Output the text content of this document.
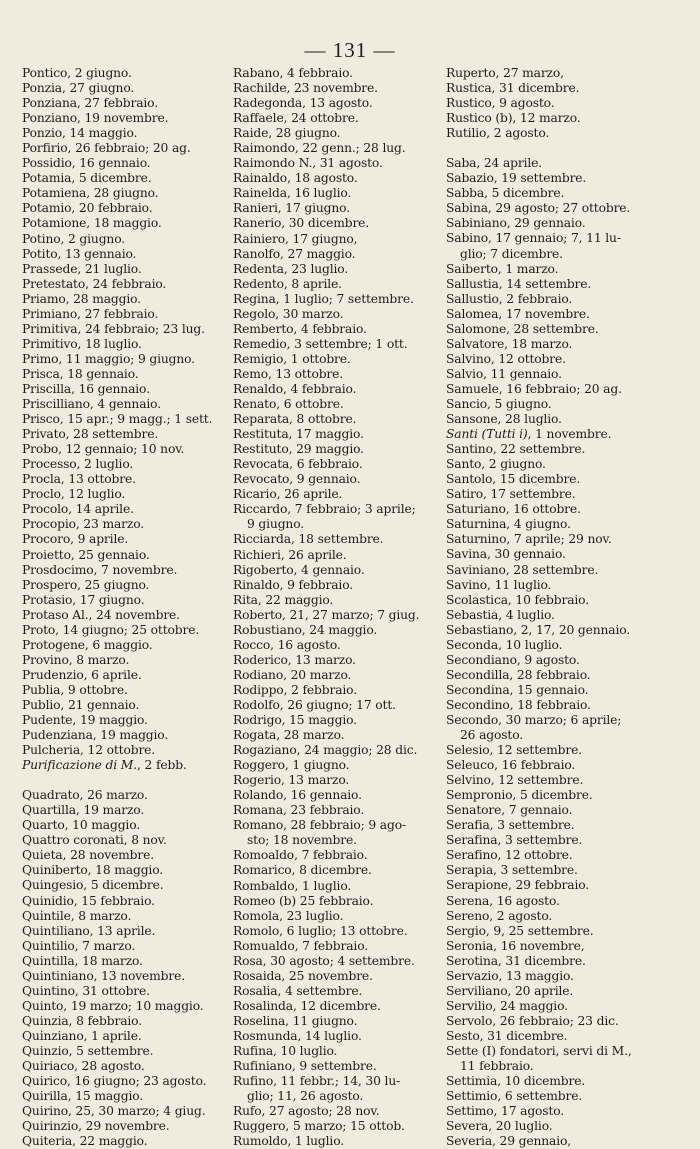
— 131 —
Pontico, 2 giugno.
Ponzia, 27 giugno.
Ponziana, 27 febbraio.
Ponziano, 19 novembre.
Ponzio, 14 maggio.
Porfirio, 26 febbraio; 20 ag.
Possidio, 16 gennaio.
Potamia, 5 dicembre.
Potamiena, 28 giugno.
Potamio, 20 febbraio.
Potamione, 18 maggio.
Potino, 2 giugno.
Potito, 13 gennaio.
Prassede, 21 luglio.
Pretestato, 24 febbraio.
Priamo, 28 maggio.
Primiano, 27 febbraio.
Primitiva, 24 febbraio; 23 lug.
Primitivo, 18 luglio.
Primo, 11 maggio; 9 giugno.
Prisca, 18 gennaio.
Priscilla, 16 gennaio.
Priscilliano, 4 gennaio.
Prisco, 15 apr.; 9 magg.; 1 sett.
Privato, 28 settembre.
Probo, 12 gennaio; 10 nov.
Processo, 2 luglio.
Procla, 13 ottobre.
Proclo, 12 luglio.
Procolo, 14 aprile.
Procopio, 23 marzo.
Procoro, 9 aprile.
Proietto, 25 gennaio.
Prosdocimo, 7 novembre.
Prospero, 25 giugno.
Protasio, 17 giugno.
Protaso Al., 24 novembre.
Proto, 14 giugno; 25 ottobre.
Protogene, 6 maggio.
Provino, 8 marzo.
Prudenzio, 6 aprile.
Publia, 9 ottobre.
Publio, 21 gennaio.
Pudente, 19 maggio.
Pudenziana, 19 maggio.
Pulcheria, 12 ottobre.
Purificazione di M., 2 febb.
Quadrato, 26 marzo.
Quartilla, 19 marzo.
Quarto, 10 maggio.
Quattro coronati, 8 nov.
Quieta, 28 novembre.
Quiniberto, 18 maggio.
Quingesio, 5 dicembre.
Quinidio, 15 febbraio.
Quintile, 8 marzo.
Quintiliano, 13 aprile.
Quintilio, 7 marzo.
Quintilla, 18 marzo.
Quintiniano, 13 novembre.
Quintino, 31 ottobre.
Quinto, 19 marzo; 10 maggio.
Quinzia, 8 febbraio.
Quinziano, 1 aprile.
Quinzio, 5 settembre.
Quiriaco, 28 agosto.
Quirico, 16 giugno; 23 agosto.
Quirilla, 15 maggio.
Quirino, 25, 30 marzo; 4 giug.
Quirinzio, 29 novembre.
Quiteria, 22 maggio.
Rabano, 4 febbraio.
Rachilde, 23 novembre.
Radegonda, 13 agosto.
Raffaele, 24 ottobre.
Raide, 28 giugno.
Raimondo, 22 genn.; 28 lug.
Raimondo N., 31 agosto.
Rainaldo, 18 agosto.
Rainelda, 16 luglio.
Ranieri, 17 giugno.
Ranerio, 30 dicembre.
Rainiero, 17 giugno,
Ranolfo, 27 maggio.
Redenta, 23 luglio.
Redento, 8 aprile.
Regina, 1 luglio; 7 settembre.
Regolo, 30 marzo.
Remberto, 4 febbraio.
Remedio, 3 settembre; 1 ott.
Remigio, 1 ottobre.
Remo, 13 ottobre.
Renaldo, 4 febbraio.
Renato, 6 ottobre.
Reparata, 8 ottobre.
Restituta, 17 maggio.
Restituto, 29 maggio.
Revocata, 6 febbraio.
Revocato, 9 gennaio.
Ricario, 26 aprile.
Riccardo, 7 febbraio; 3 aprile;
9 giugno.
Ricciarda, 18 settembre.
Richieri, 26 aprile.
Rigoberto, 4 gennaio.
Rinaldo, 9 febbraio.
Rita, 22 maggio.
Roberto, 21, 27 marzo; 7 giug.
Robustiano, 24 maggio.
Rocco, 16 agosto.
Roderico, 13 marzo.
Rodiano, 20 marzo.
Rodippo, 2 febbraio.
Rodolfo, 26 giugno; 17 ott.
Rodrigo, 15 maggio.
Rogata, 28 marzo.
Rogaziano, 24 maggio; 28 dic.
Roggero, 1 giugno.
Rogerio, 13 marzo.
Rolando, 16 gennaio.
Romana, 23 febbraio.
Romano, 28 febbraio; 9 ago-
sto; 18 novembre.
Romoaldo, 7 febbraio.
Romarico, 8 dicembre.
Rombaldo, 1 luglio.
Romeo (b) 25 febbraio.
Romola, 23 luglio.
Romolo, 6 luglio; 13 ottobre.
Romualdo, 7 febbraio.
Rosa, 30 agosto; 4 settembre.
Rosaida, 25 novembre.
Rosalia, 4 settembre.
Rosalinda, 12 dicembre.
Roselina, 11 giugno.
Rosmunda, 14 luglio.
Rufina, 10 luglio.
Rufiniano, 9 settembre.
Rufino, 11 febbr.; 14, 30 lu-
glio; 11, 26 agosto.
Rufo, 27 agosto; 28 nov.
Ruggero, 5 marzo; 15 ottob.
Rumoldo, 1 luglio.
Ruperto, 27 marzo,
Rustica, 31 dicembre.
Rustico, 9 agosto.
Rustico (b), 12 marzo.
Rutilio, 2 agosto.
Saba, 24 aprile.
Sabazio, 19 settembre.
Sabba, 5 dicembre.
Sabina, 29 agosto; 27 ottobre.
Sabiniano, 29 gennaio.
Sabino, 17 gennaio; 7, 11 lu-
glio; 7 dicembre.
Saiberto, 1 marzo.
Sallustia, 14 settembre.
Sallustio, 2 febbraio.
Salomea, 17 novembre.
Salomone, 28 settembre.
Salvatore, 18 marzo.
Salvino, 12 ottobre.
Salvio, 11 gennaio.
Samuele, 16 febbraio; 20 ag.
Sancio, 5 giugno.
Sansone, 28 luglio.
Santi (Tutti i), 1 novembre.
Santino, 22 settembre.
Santo, 2 giugno.
Santolo, 15 dicembre.
Satiro, 17 settembre.
Saturiano, 16 ottobre.
Saturnina, 4 giugno.
Saturnino, 7 aprile; 29 nov.
Savina, 30 gennaio.
Saviniano, 28 settembre.
Savino, 11 luglio.
Scolastica, 10 febbraio.
Sebastia, 4 luglio.
Sebastiano, 2, 17, 20 gennaio.
Seconda, 10 luglio.
Secondiano, 9 agosto.
Secondilla, 28 febbraio.
Secondina, 15 gennaio.
Secondino, 18 febbraio.
Secondo, 30 marzo; 6 aprile;
26 agosto.
Selesio, 12 settembre.
Seleuco, 16 febbraio.
Selvino, 12 settembre.
Sempronio, 5 dicembre.
Senatore, 7 gennaio.
Serafia, 3 settembre.
Serafina, 3 settembre.
Serafino, 12 ottobre.
Serapia, 3 settembre.
Serapione, 29 febbraio.
Serena, 16 agosto.
Sereno, 2 agosto.
Sergio, 9, 25 settembre.
Seronia, 16 novembre,
Serotina, 31 dicembre.
Servazio, 13 maggio.
Serviliano, 20 aprile.
Servilio, 24 maggio.
Servolo, 26 febbraio; 23 dic.
Sesto, 31 dicembre.
Sette (I) fondatori, servi di M.,
11 febbraio.
Settimia, 10 dicembre.
Settimio, 6 settembre.
Settimo, 17 agosto.
Severa, 20 luglio.
Severia, 29 gennaio,
